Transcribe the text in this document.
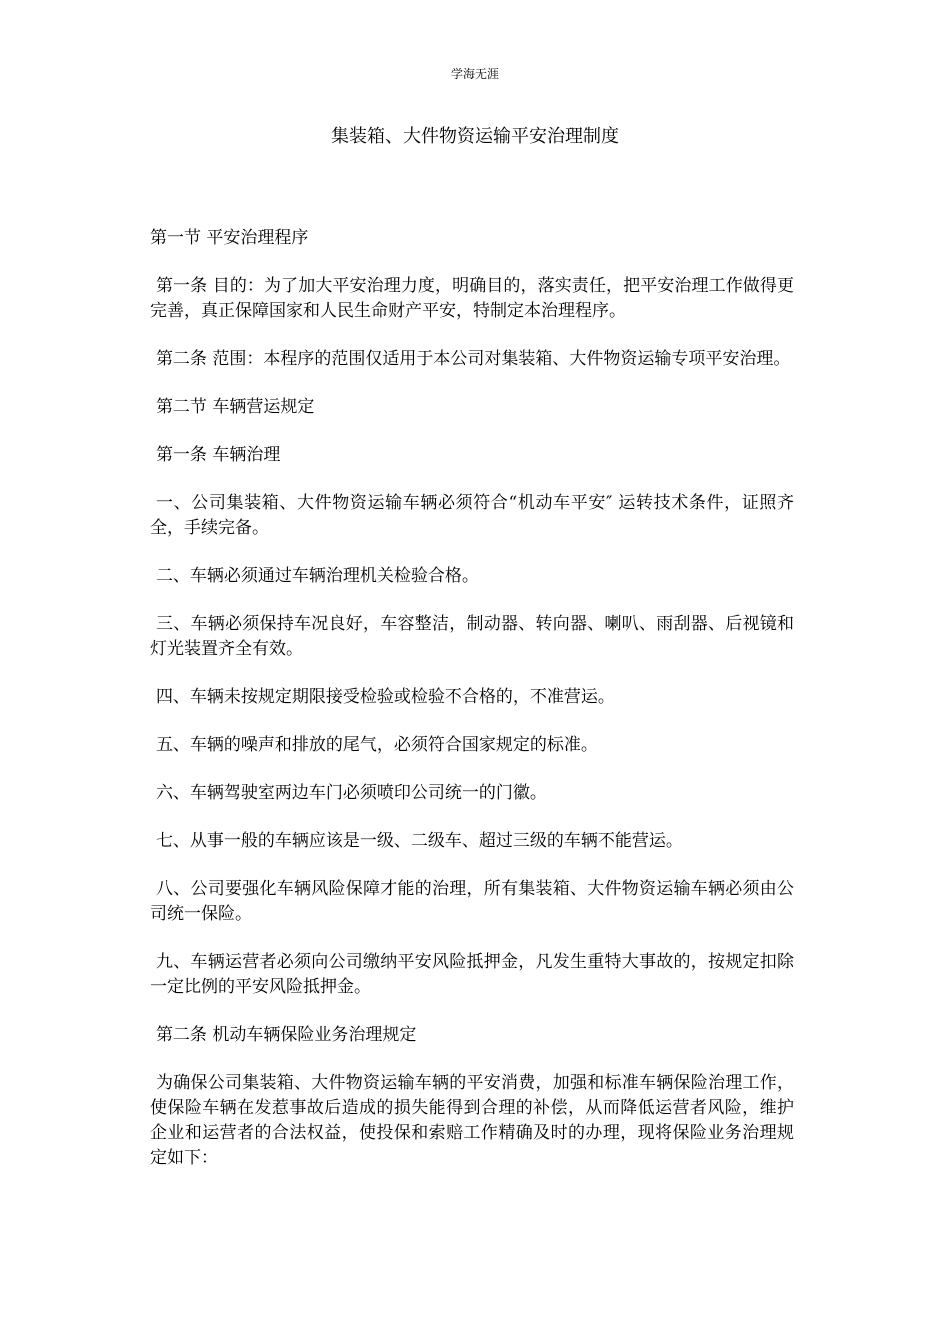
学海无涯
集装箱、大件物资运输平安治理制度

第一节 平安治理程序

第一条 目的：为了加大平安治理力度，明确目的，落实责任，把平安治理工作做得更完善，真正保障国家和人民生命财产平安，特制定本治理程序。

第二条 范围：本程序的范围仅适用于本公司对集装箱、大件物资运输专项平安治理。

第二节 车辆营运规定

第一条 车辆治理

一、公司集装箱、大件物资运输车辆必须符合“机动车平安″ 运转技术条件，证照齐全，手续完备。

二、车辆必须通过车辆治理机关检验合格。

三、车辆必须保持车况良好，车容整洁，制动器、转向器、喇叭、雨刮器、后视镜和灯光装置齐全有效。

四、车辆未按规定期限接受检验或检验不合格的，不准营运。

五、车辆的噪声和排放的尾气，必须符合国家规定的标准。

六、车辆驾驶室两边车门必须喷印公司统一的门徽。

七、从事一般的车辆应该是一级、二级车、超过三级的车辆不能营运。

八、公司要强化车辆风险保障才能的治理，所有集装箱、大件物资运输车辆必须由公司统一保险。

九、车辆运营者必须向公司缴纳平安风险抵押金，凡发生重特大事故的，按规定扣除一定比例的平安风险抵押金。

第二条 机动车辆保险业务治理规定

为确保公司集装箱、大件物资运输车辆的平安消费，加强和标准车辆保险治理工作，使保险车辆在发惹事故后造成的损失能得到合理的补偿，从而降低运营者风险，维护企业和运营者的合法权益，使投保和索赔工作精确及时的办理，现将保险业务治理规定如下：
